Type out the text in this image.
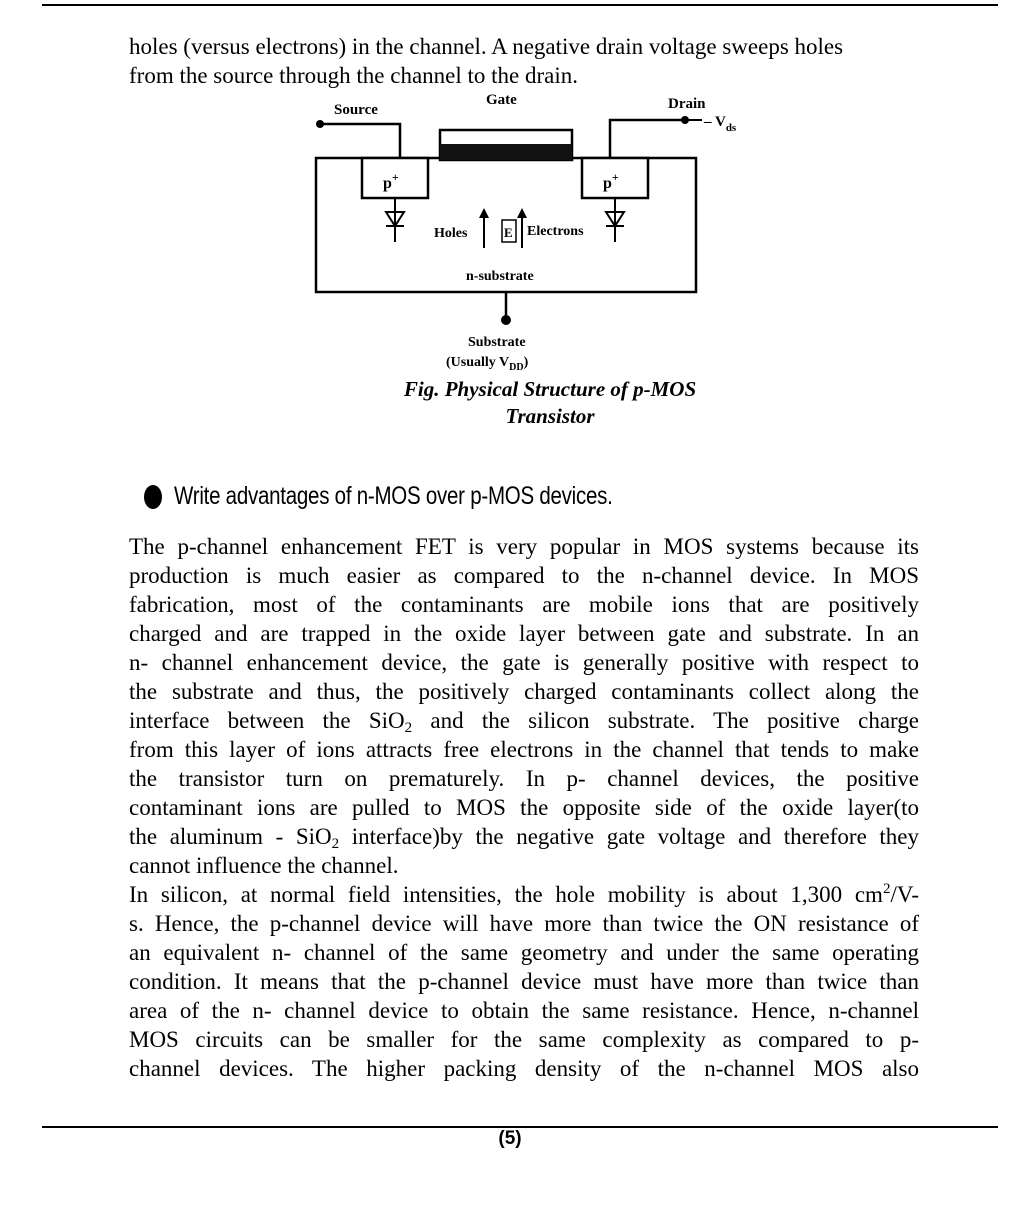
holes (versus electrons) in the channel. A negative drain voltage sweeps holes
from the source through the channel to the drain.

p+	p+
Holes	E Electrons
n-substrate
Substrate
(Usually $V_{DD}$)
Source
Gate	Drain
– $V_{ds}$
Fig. Physical Structure of p-MOS
Transistor
Write advantages of n-MOS over p-MOS devices.

The p-channel enhancement FET is very popular in MOS systems because its
production is much easier as compared to the n-channel device. In MOS
fabrication, most of the contaminants are mobile ions that are positively
charged and are trapped in the oxide layer between gate and substrate. In an
n- channel enhancement device, the gate is generally positive with respect to
the substrate and thus, the positively charged contaminants collect along the
interface between the SiO$_2$ and the silicon substrate. The positive charge
from this layer of ions attracts free electrons in the channel that tends to make
the transistor turn on prematurely. In p- channel devices, the positive
contaminant ions are pulled to MOS the opposite side of the oxide layer(to
the aluminum - SiO$_2$ interface)by the negative gate voltage and therefore they
cannot influence the channel.
In silicon, at normal field intensities, the hole mobility is about 1,300 $cm^2/V-$
s. Hence, the p-channel device will have more than twice the ON resistance of
an equivalent n- channel of the same geometry and under the same operating
condition. It means that the p-channel device must have more than twice than
area of the n- channel device to obtain the same resistance. Hence, n-channel
MOS circuits can be smaller for the same complexity as compared to p-
channel devices. The higher packing density of the n-channel MOS also

(5)
